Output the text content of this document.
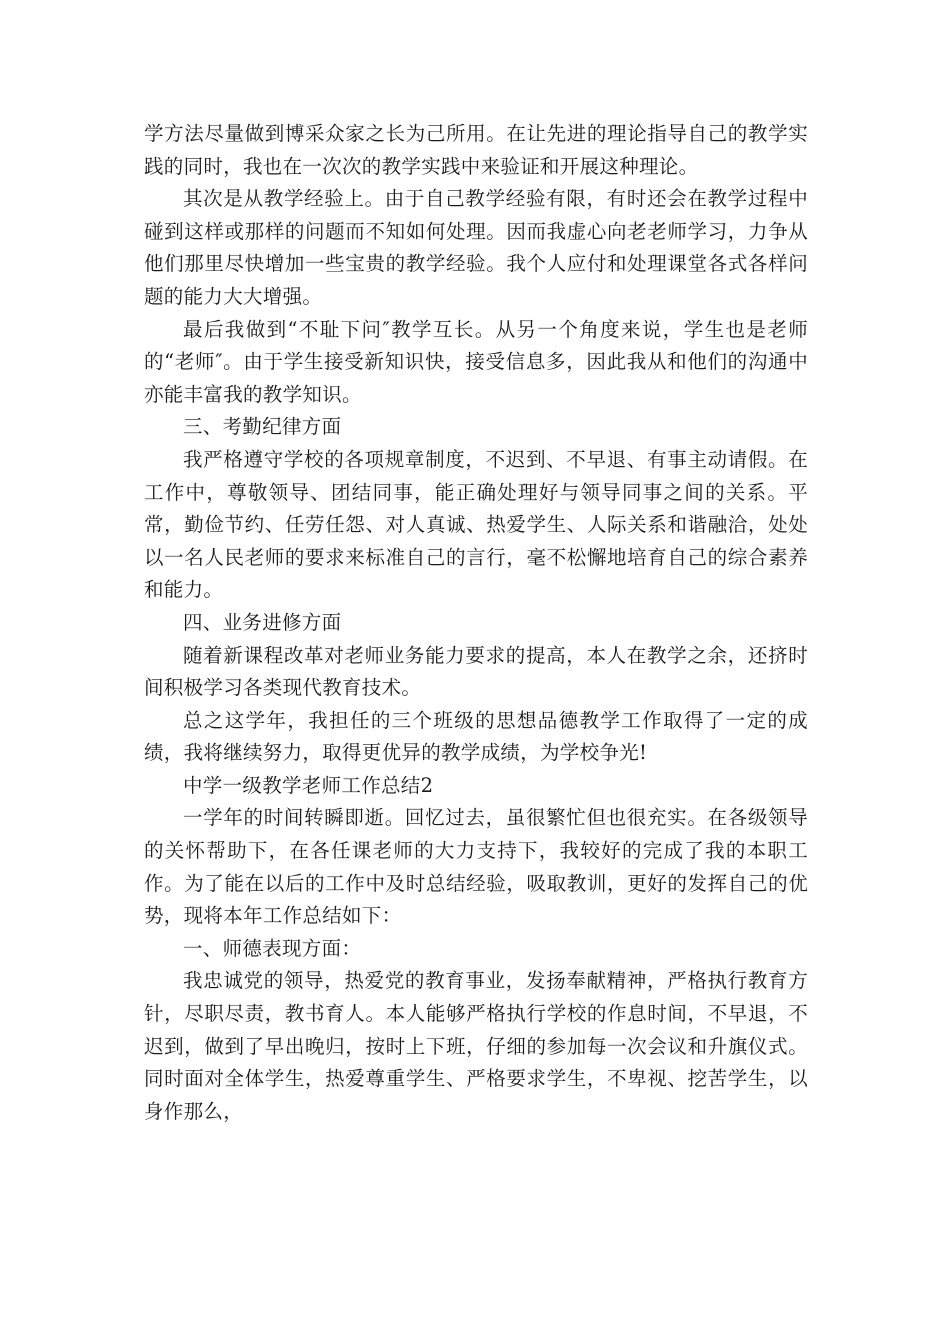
学方法尽量做到博采众家之长为己所用。在让先进的理论指导自己的教学实践的同时，我也在一次次的教学实践中来验证和开展这种理论。

其次是从教学经验上。由于自己教学经验有限，有时还会在教学过程中碰到这样或那样的问题而不知如何处理。因而我虚心向老老师学习，力争从他们那里尽快增加一些宝贵的教学经验。我个人应付和处理课堂各式各样问题的能力大大增强。

最后我做到“不耻下问″教学互长。从另一个角度来说，学生也是老师的“老师″。由于学生接受新知识快，接受信息多，因此我从和他们的沟通中亦能丰富我的教学知识。

三、考勤纪律方面

我严格遵守学校的各项规章制度，不迟到、不早退、有事主动请假。在工作中，尊敬领导、团结同事，能正确处理好与领导同事之间的关系。平常，勤俭节约、任劳任怨、对人真诚、热爱学生、人际关系和谐融洽，处处以一名人民老师的要求来标准自己的言行，毫不松懈地培育自己的综合素养和能力。

四、业务进修方面

随着新课程改革对老师业务能力要求的提高，本人在教学之余，还挤时间积极学习各类现代教育技术。

总之这学年，我担任的三个班级的思想品德教学工作取得了一定的成绩，我将继续努力，取得更优异的教学成绩，为学校争光!

中学一级教学老师工作总结2

一学年的时间转瞬即逝。回忆过去，虽很繁忙但也很充实。在各级领导的关怀帮助下，在各任课老师的大力支持下，我较好的完成了我的本职工作。为了能在以后的工作中及时总结经验，吸取教训，更好的发挥自己的优势，现将本年工作总结如下：

一、师德表现方面：

我忠诚党的领导，热爱党的教育事业，发扬奉献精神，严格执行教育方针，尽职尽责，教书育人。本人能够严格执行学校的作息时间，不早退，不迟到，做到了早出晚归，按时上下班，仔细的参加每一次会议和升旗仪式。同时面对全体学生，热爱尊重学生、严格要求学生，不卑视、挖苦学生，以身作那么，
